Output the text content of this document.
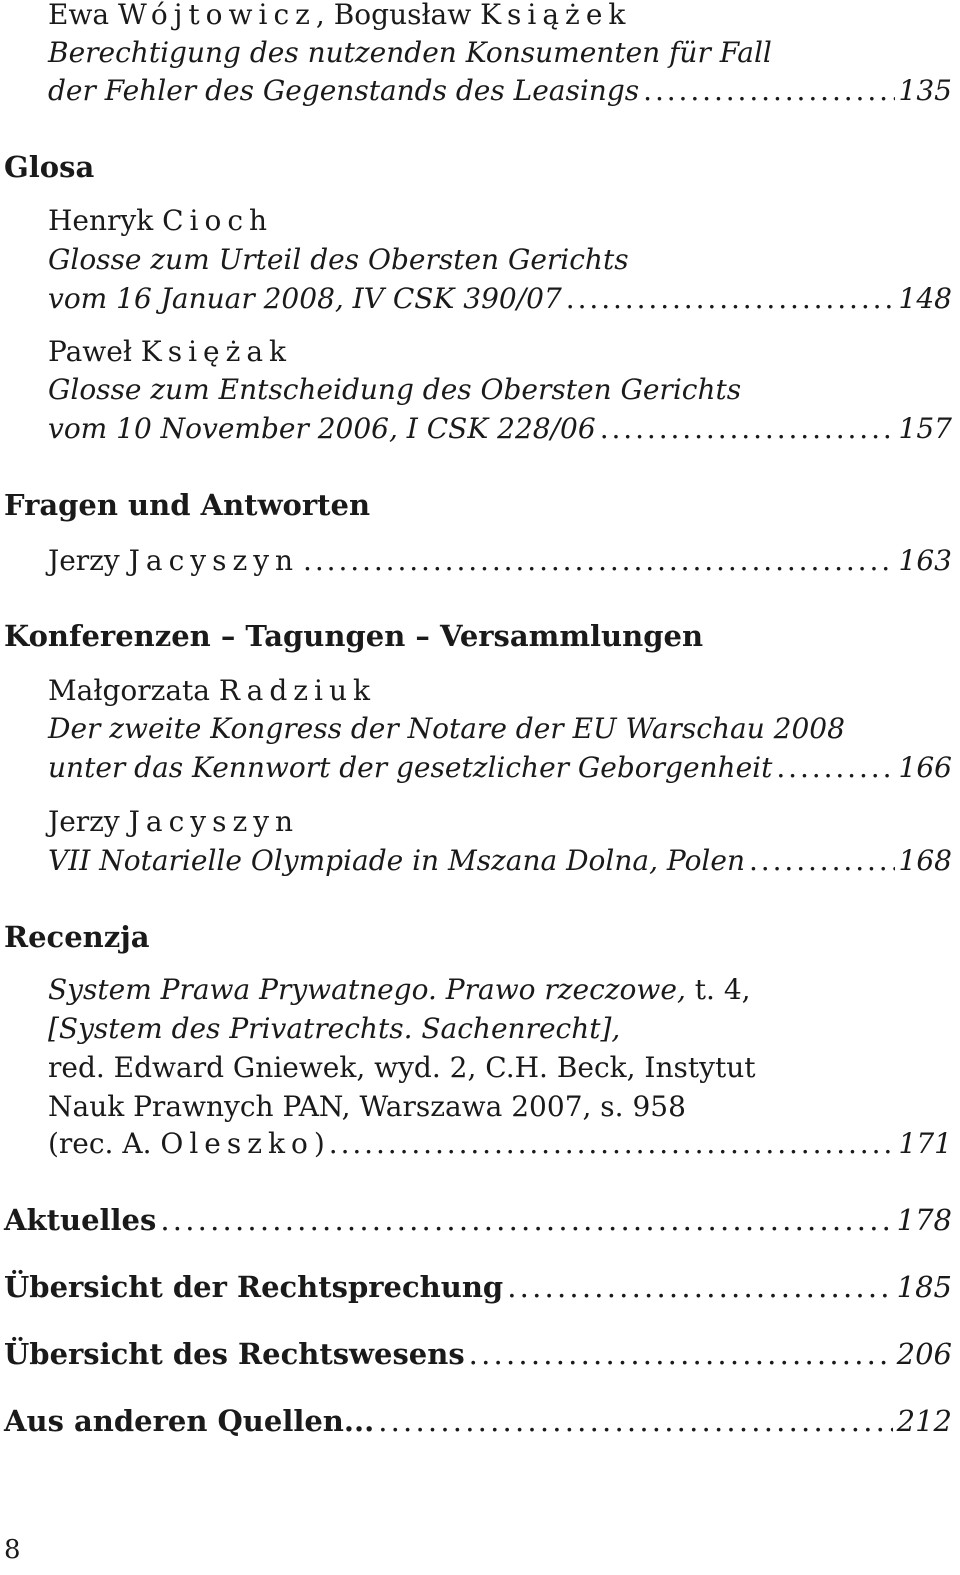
Ewa Wójtowicz, Bogusław Książek
Berechtigung des nutzenden Konsumenten für Fall
der Fehler des Gegenstands des Leasings . . .	135
Glosa
Henryk Cioch
Glosse zum Urteil des Obersten Gerichts
vom 16 Januar 2008, IV CSK 390/07 . . .	148
Paweł Księżak
Glosse zum Entscheidung des Obersten Gerichts
vom 10 November 2006, I CSK 228/06 . . .	157
Fragen und Antworten
Jerzy Jacyszyn . . .	163
Konferenzen – Tagungen – Versammlungen
Małgorzata Radziuk
Der zweite Kongress der Notare der EU Warschau 2008
unter das Kennwort der gesetzlicher Geborgenheit . . .	166
Jerzy Jacyszyn
VII Notarielle Olympiade in Mszana Dolna, Polen . . .	168
Recenzja
System Prawa Prywatnego. Prawo rzeczowe, t. 4,
[System des Privatrechts. Sachenrecht],
red. Edward Gniewek, wyd. 2, C.H. Beck, Instytut
Nauk Prawnych PAN, Warszawa 2007, s. 958
(rec. A. Oleszko) . . .	171
Aktuelles . . .	178
Übersicht der Rechtsprechung . . .	185
Übersicht des Rechtswesens . . .	206
Aus anderen Quellen... . . .	212
8
